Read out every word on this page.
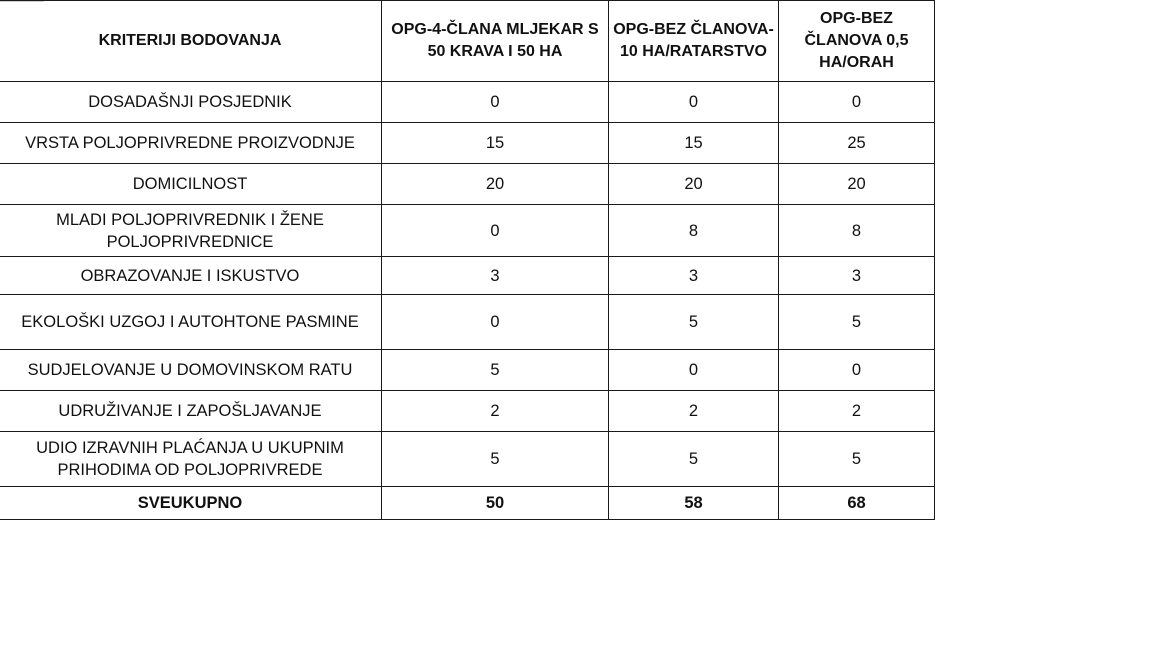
KRITERIJI BODOVANJA	OPG-4-ČLANA MLJEKAR S 50 KRAVA I 50 HA	OPG-BEZ ČLANOVA-10 HA/RATARSTVO	OPG-BEZ ČLANOVA 0,5 HA/ORAH
DOSADAŠNJI POSJEDNIK	0	0	0
VRSTA POLJOPRIVREDNE PROIZVODNJE	15	15	25
DOMICILNOST	20	20	20
MLADI POLJOPRIVREDNIK I ŽENE POLJOPRIVREDNICE	0	8	8
OBRAZOVANJE I ISKUSTVO	3	3	3
EKOLOŠKI UZGOJ I AUTOHTONE PASMINE	0	5	5
SUDJELOVANJE U DOMOVINSKOM RATU	5	0	0
UDRUŽIVANJE I ZAPOŠLJAVANJE	2	2	2
UDIO IZRAVNIH PLAĆANJA U UKUPNIM PRIHODIMA OD POLJOPRIVREDE	5	5	5
SVEUKUPNO	50	58	68
